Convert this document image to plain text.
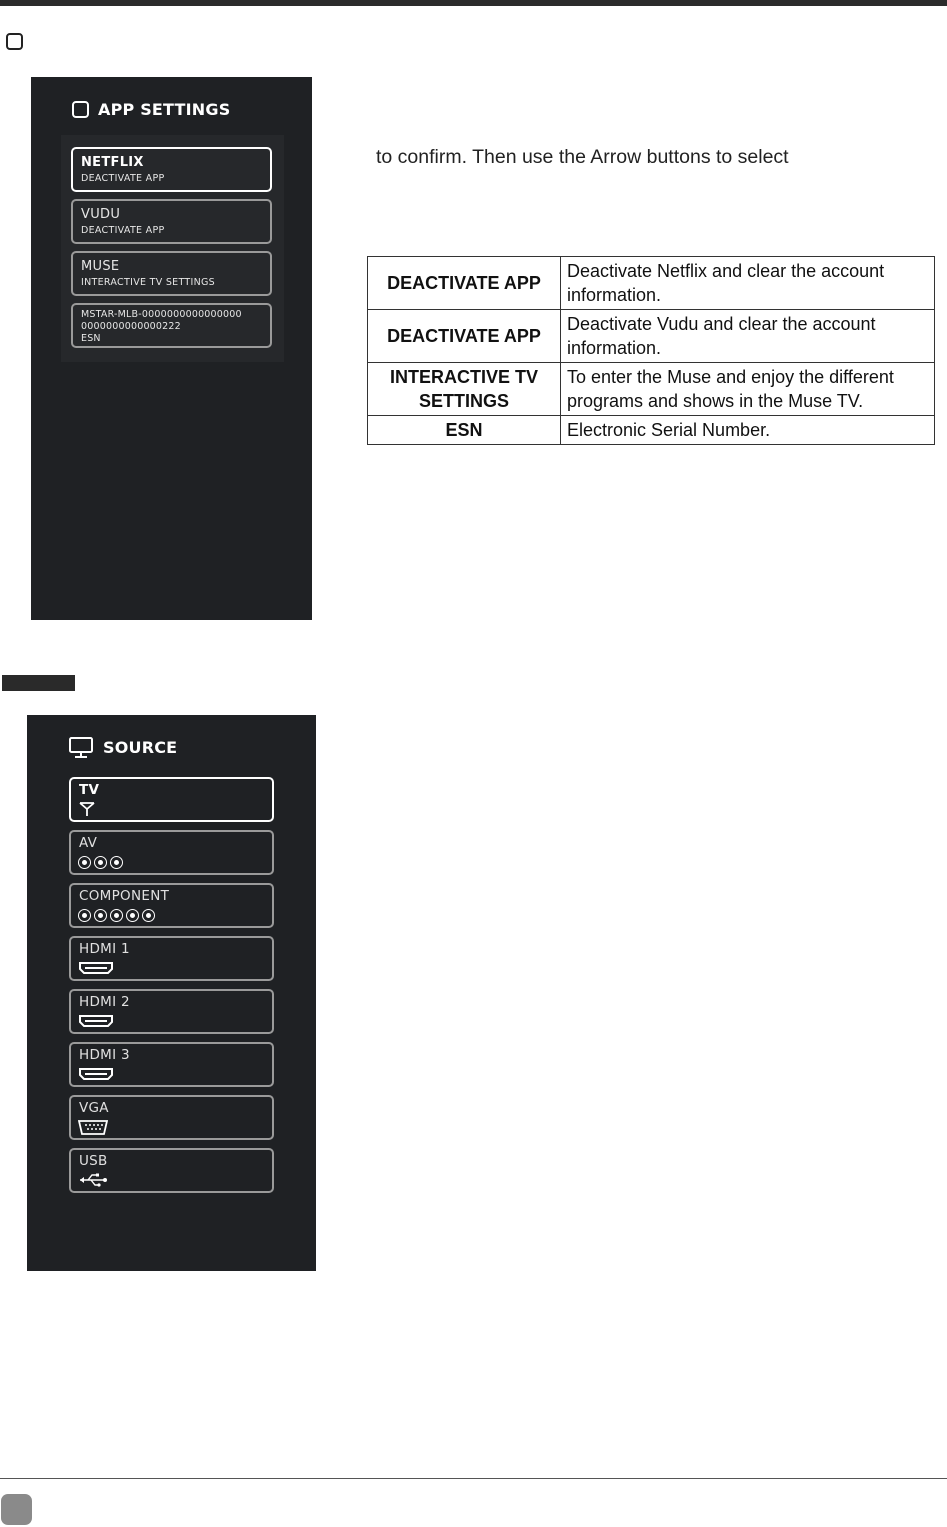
APP SETTINGS
NETFLIX
DEACTIVATE APP
VUDU
DEACTIVATE APP
MUSE
INTERACTIVE TV SETTINGS
MSTAR-MLB-0000000000000000
0000000000000222
ESN
to confirm. Then use the Arrow buttons to select
DEACTIVATE APP	Deactivate Netflix and clear the account information.
DEACTIVATE APP	Deactivate Vudu and clear the account information.
INTERACTIVE TV SETTINGS	To enter the Muse and enjoy the different programs and shows in the Muse TV.
ESN	Electronic Serial Number.
SOURCE
TV
AV
COMPONENT
HDMI 1
HDMI 2
HDMI 3
VGA
USB
